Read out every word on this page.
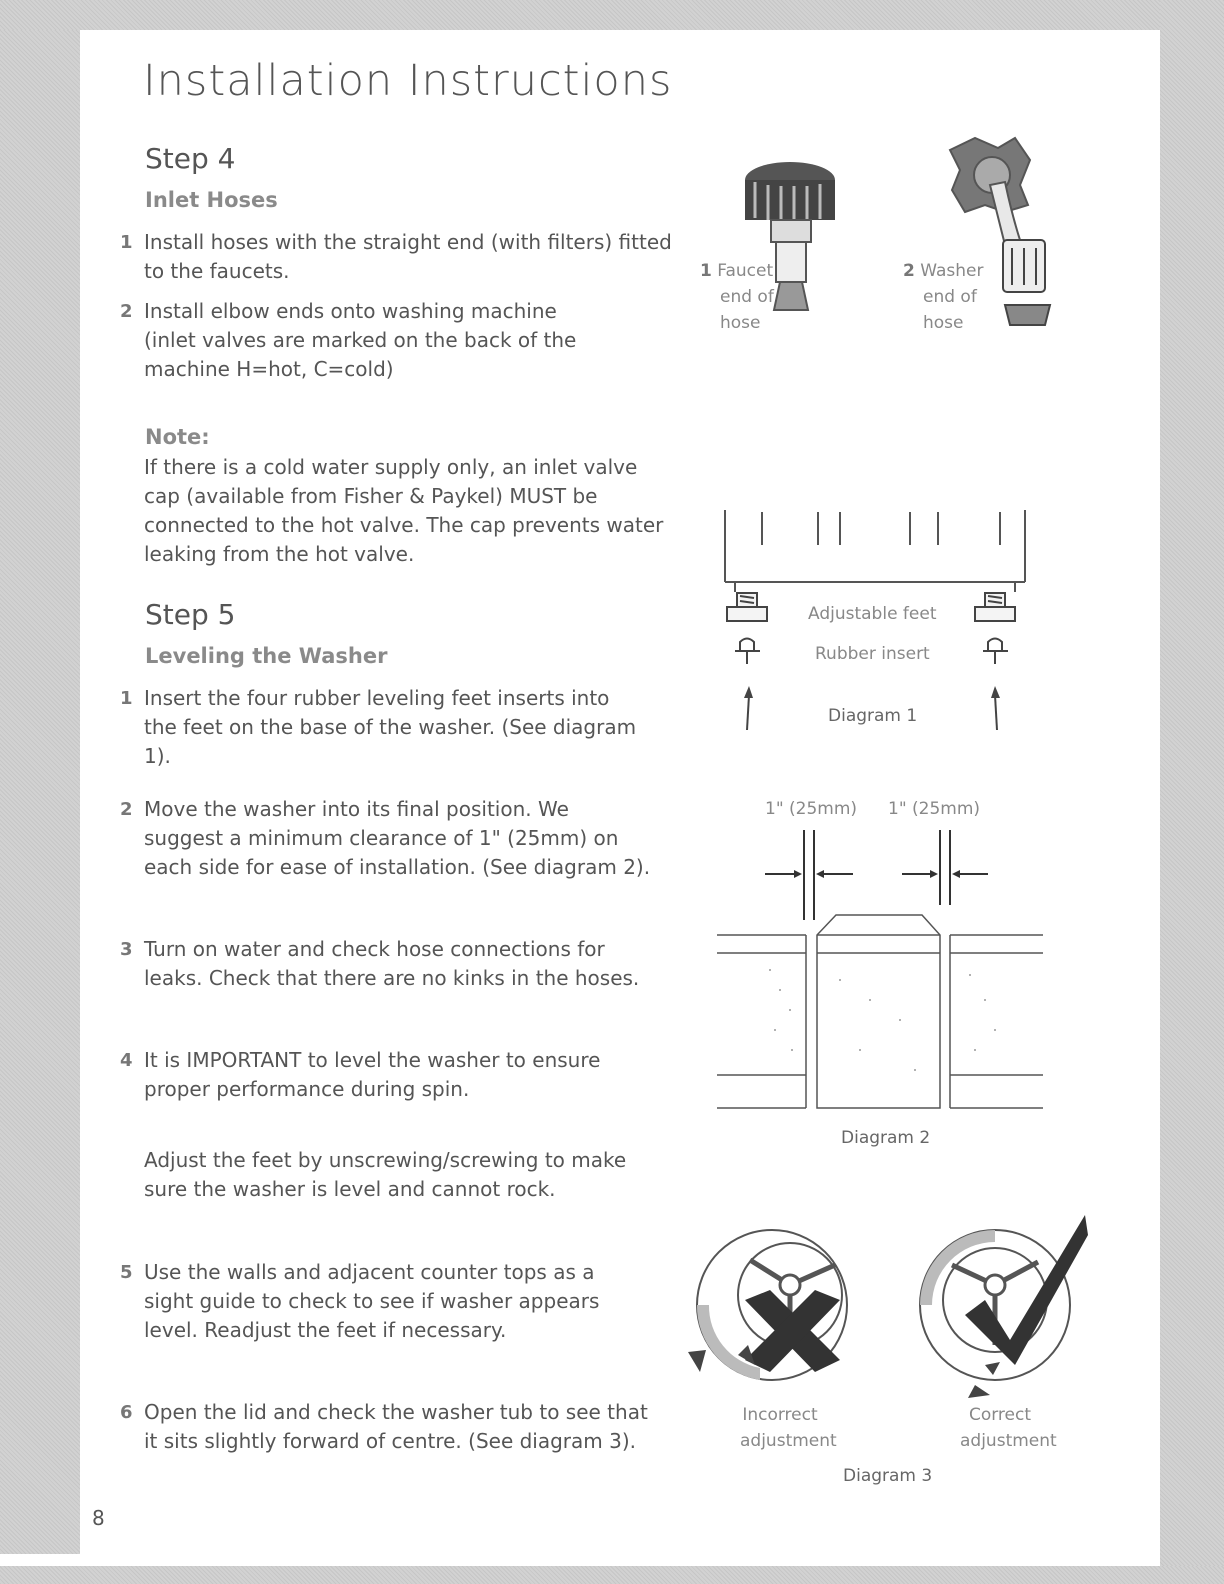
Installation Instructions
Step 4
Inlet Hoses
1 Install hoses with the straight end (with filters) fitted to the faucets.
2 Install elbow ends onto washing machine (inlet valves are marked on the back of the machine H=hot, C=cold)
Note:
If there is a cold water supply only, an inlet valve cap (available from Fisher & Paykel) MUST be connected to the hot valve. The cap prevents water leaking from the hot valve.
Step 5
Leveling the Washer
1 Insert the four rubber leveling feet inserts into the feet on the base of the washer. (See diagram 1).
2 Move the washer into its final position. We suggest a minimum clearance of 1" (25mm) on each side for ease of installation. (See diagram 2).
3 Turn on water and check hose connections for leaks. Check that there are no kinks in the hoses.
4 It is IMPORTANT to level the washer to ensure proper performance during spin.
Adjust the feet by unscrewing/screwing to make sure the washer is level and cannot rock.
5 Use the walls and adjacent counter tops as a sight guide to check to see if washer appears level. Readjust the feet if necessary.
6 Open the lid and check the washer tub to see that it sits slightly forward of centre. (See diagram 3).
1 Faucet
end of
hose
2 Washer
end of
hose
Adjustable feet
Rubber insert
Diagram 1
1" (25mm) 1" (25mm)
Diagram 2
Incorrect
adjustment
Correct
adjustment
Diagram 3
8
